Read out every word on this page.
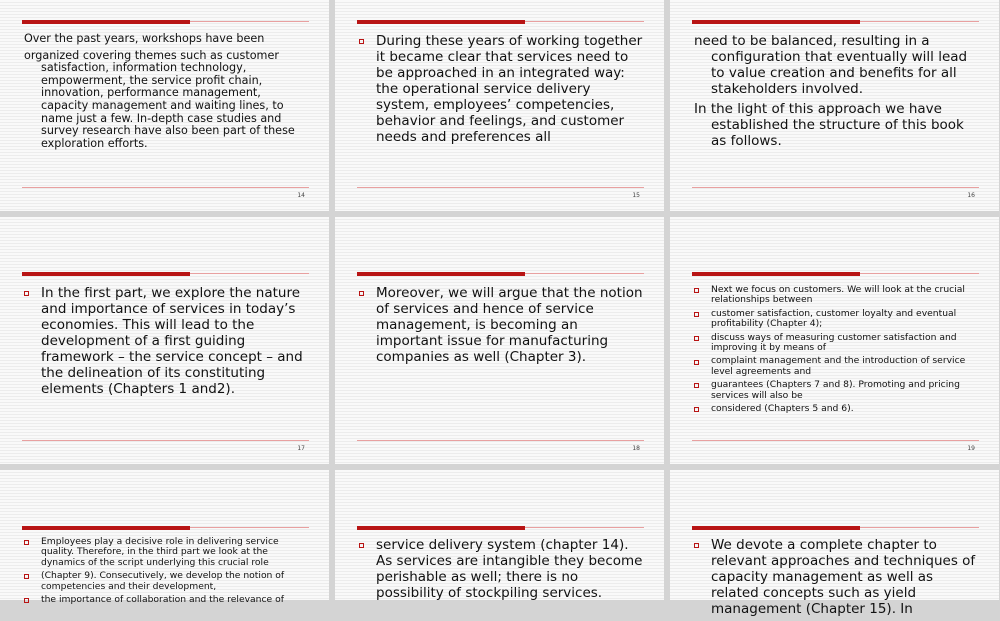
Over the past years, workshops have been
organized covering themes such as customer satisfaction, information technology, empowerment, the service profit chain, innovation, performance management, capacity management and waiting lines, to name just a few. In-depth case studies and survey research have also been part of these exploration efforts.
14
During these years of working together it became clear that services need to be approached in an integrated way: the operational service delivery system, employees’ competencies, behavior and feelings, and customer needs and preferences all
15
need to be balanced, resulting in a configuration that eventually will lead to value creation and benefits for all stakeholders involved.
In the light of this approach we have established the structure of this book as follows.
16
In the first part, we explore the nature and importance of services in today’s economies. This will lead to the development of a first guiding framework – the service concept – and the delineation of its constituting elements (Chapters 1 and2).
17
Moreover, we will argue that the notion of services and hence of service management, is becoming an important issue for manufacturing companies as well (Chapter 3).
18
Next we focus on customers. We will look at the crucial relationships between
customer satisfaction, customer loyalty and eventual profitability (Chapter 4);
discuss ways of measuring customer satisfaction and improving it by means of
complaint management and the introduction of service level agreements and
guarantees (Chapters 7 and 8). Promoting and pricing services will also be
considered (Chapters 5 and 6).
19
Employees play a decisive role in delivering service quality. Therefore, in the third part we look at the dynamics of the script underlying this crucial role
(Chapter 9). Consecutively, we develop the notion of competencies and their development,
the importance of collaboration and the relevance of
service delivery system (chapter 14). As services are intangible they become perishable as well; there is no possibility of stockpiling services.
We devote a complete chapter to relevant approaches and techniques of capacity management as well as related concepts such as yield management (Chapter 15). In
